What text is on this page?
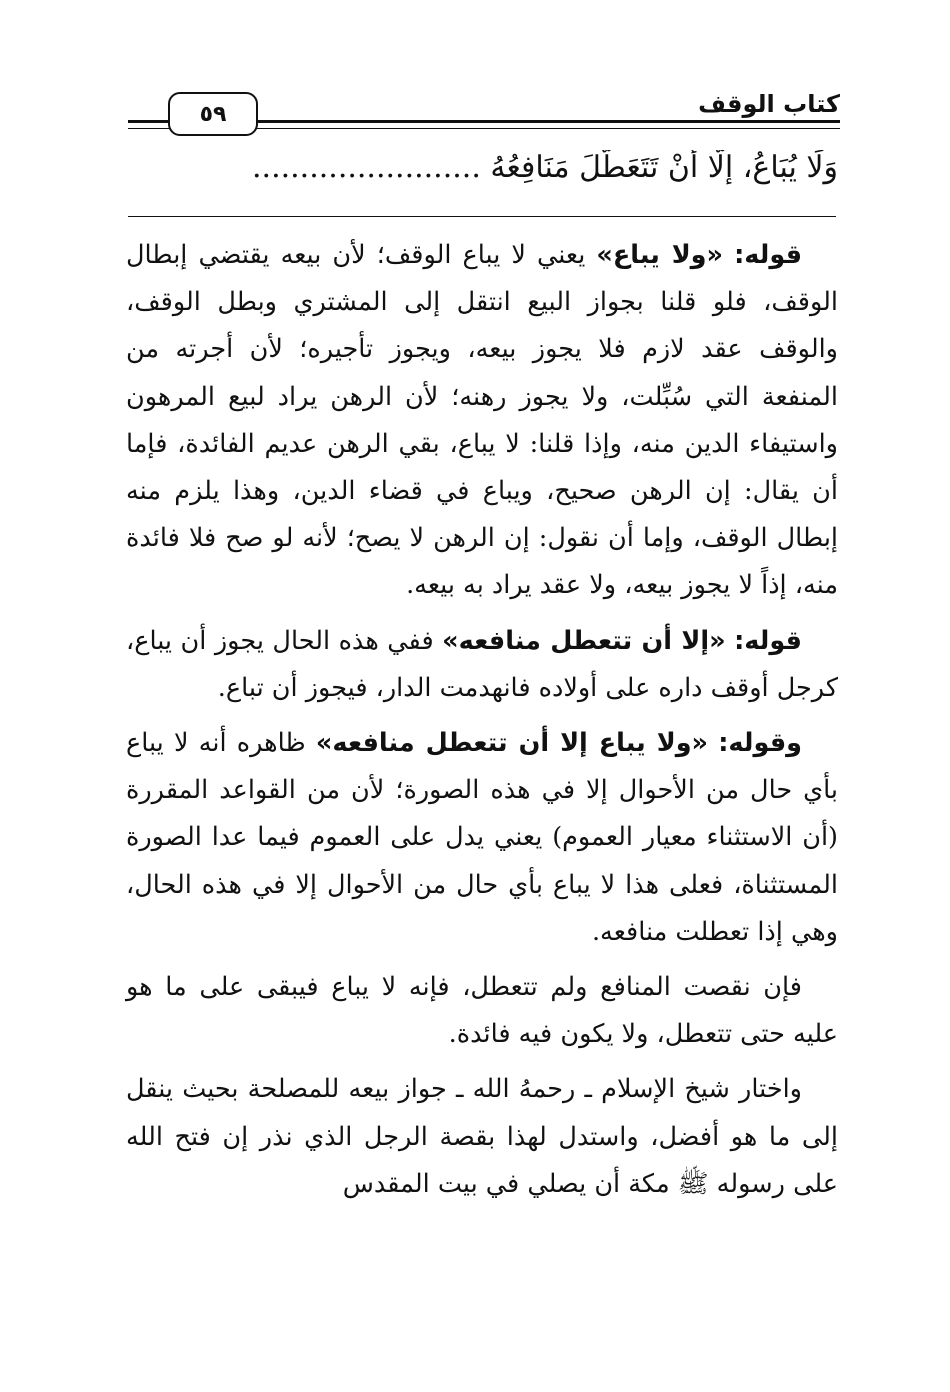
كتاب الوقف
٥٩
وَلَا يُبَاعُ، إِلَّا أَنْ تَتَعَطَّلَ مَنَافِعُهُ ........................

قوله: «ولا يباع» يعني لا يباع الوقف؛ لأن بيعه يقتضي إبطال الوقف، فلو قلنا بجواز البيع انتقل إلى المشتري وبطل الوقف، والوقف عقد لازم فلا يجوز بيعه، ويجوز تأجيره؛ لأن أجرته من المنفعة التي سُبِّلت، ولا يجوز رهنه؛ لأن الرهن يراد لبيع المرهون واستيفاء الدين منه، وإذا قلنا: لا يباع، بقي الرهن عديم الفائدة، فإما أن يقال: إن الرهن صحيح، ويباع في قضاء الدين، وهذا يلزم منه إبطال الوقف، وإما أن نقول: إن الرهن لا يصح؛ لأنه لو صح فلا فائدة منه، إذاً لا يجوز بيعه، ولا عقد يراد به بيعه.

قوله: «إلا أن تتعطل منافعه» ففي هذه الحال يجوز أن يباع، كرجل أوقف داره على أولاده فانهدمت الدار، فيجوز أن تباع.

وقوله: «ولا يباع إلا أن تتعطل منافعه» ظاهره أنه لا يباع بأي حال من الأحوال إلا في هذه الصورة؛ لأن من القواعد المقررة (أن الاستثناء معيار العموم) يعني يدل على العموم فيما عدا الصورة المستثناة، فعلى هذا لا يباع بأي حال من الأحوال إلا في هذه الحال، وهي إذا تعطلت منافعه.

فإن نقصت المنافع ولم تتعطل، فإنه لا يباع فيبقى على ما هو عليه حتى تتعطل، ولا يكون فيه فائدة.

واختار شيخ الإسلام ـ رحمهُ الله ـ جواز بيعه للمصلحة بحيث ينقل إلى ما هو أفضل، واستدل لهذا بقصة الرجل الذي نذر إن فتح الله على رسوله ﷺ مكة أن يصلي في بيت المقدس
